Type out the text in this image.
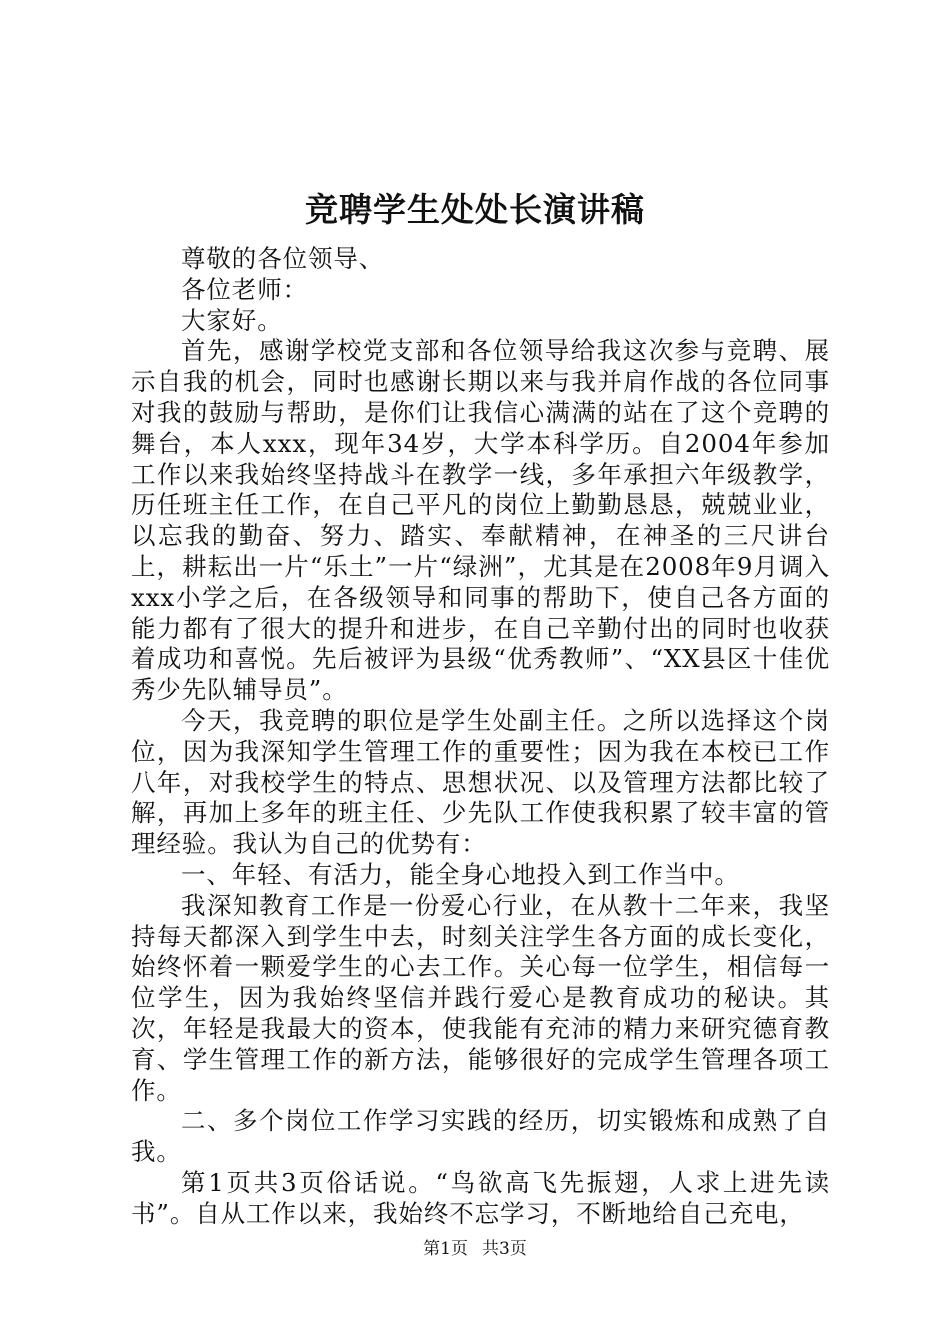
竞聘学生处处长演讲稿

尊敬的各位领导、

各位老师：

大家好。

首先，感谢学校党支部和各位领导给我这次参与竞聘、展示自我的机会，同时也感谢长期以来与我并肩作战的各位同事对我的鼓励与帮助，是你们让我信心满满的站在了这个竞聘的舞台，本人xxx，现年34岁，大学本科学历。自2004年参加工作以来我始终坚持战斗在教学一线，多年承担六年级教学，历任班主任工作，在自己平凡的岗位上勤勤恳恳，兢兢业业，以忘我的勤奋、努力、踏实、奉献精神，在神圣的三尺讲台上，耕耘出一片“乐土”一片“绿洲”，尤其是在2008年9月调入xxx小学之后，在各级领导和同事的帮助下，使自己各方面的能力都有了很大的提升和进步，在自己辛勤付出的同时也收获着成功和喜悦。先后被评为县级“优秀教师”、“XX县区十佳优秀少先队辅导员”。

今天，我竞聘的职位是学生处副主任。之所以选择这个岗位，因为我深知学生管理工作的重要性；因为我在本校已工作八年，对我校学生的特点、思想状况、以及管理方法都比较了解，再加上多年的班主任、少先队工作使我积累了较丰富的管理经验。我认为自己的优势有：

一、年轻、有活力，能全身心地投入到工作当中。

我深知教育工作是一份爱心行业，在从教十二年来，我坚持每天都深入到学生中去，时刻关注学生各方面的成长变化，始终怀着一颗爱学生的心去工作。关心每一位学生，相信每一位学生，因为我始终坚信并践行爱心是教育成功的秘诀。其次，年轻是我最大的资本，使我能有充沛的精力来研究德育教育、学生管理工作的新方法，能够很好的完成学生管理各项工作。

二、多个岗位工作学习实践的经历，切实锻炼和成熟了自我。

第1页共3页俗话说。“鸟欲高飞先振翅，人求上进先读书”。自从工作以来，我始终不忘学习，不断地给自己充电，

第1页 共3页
